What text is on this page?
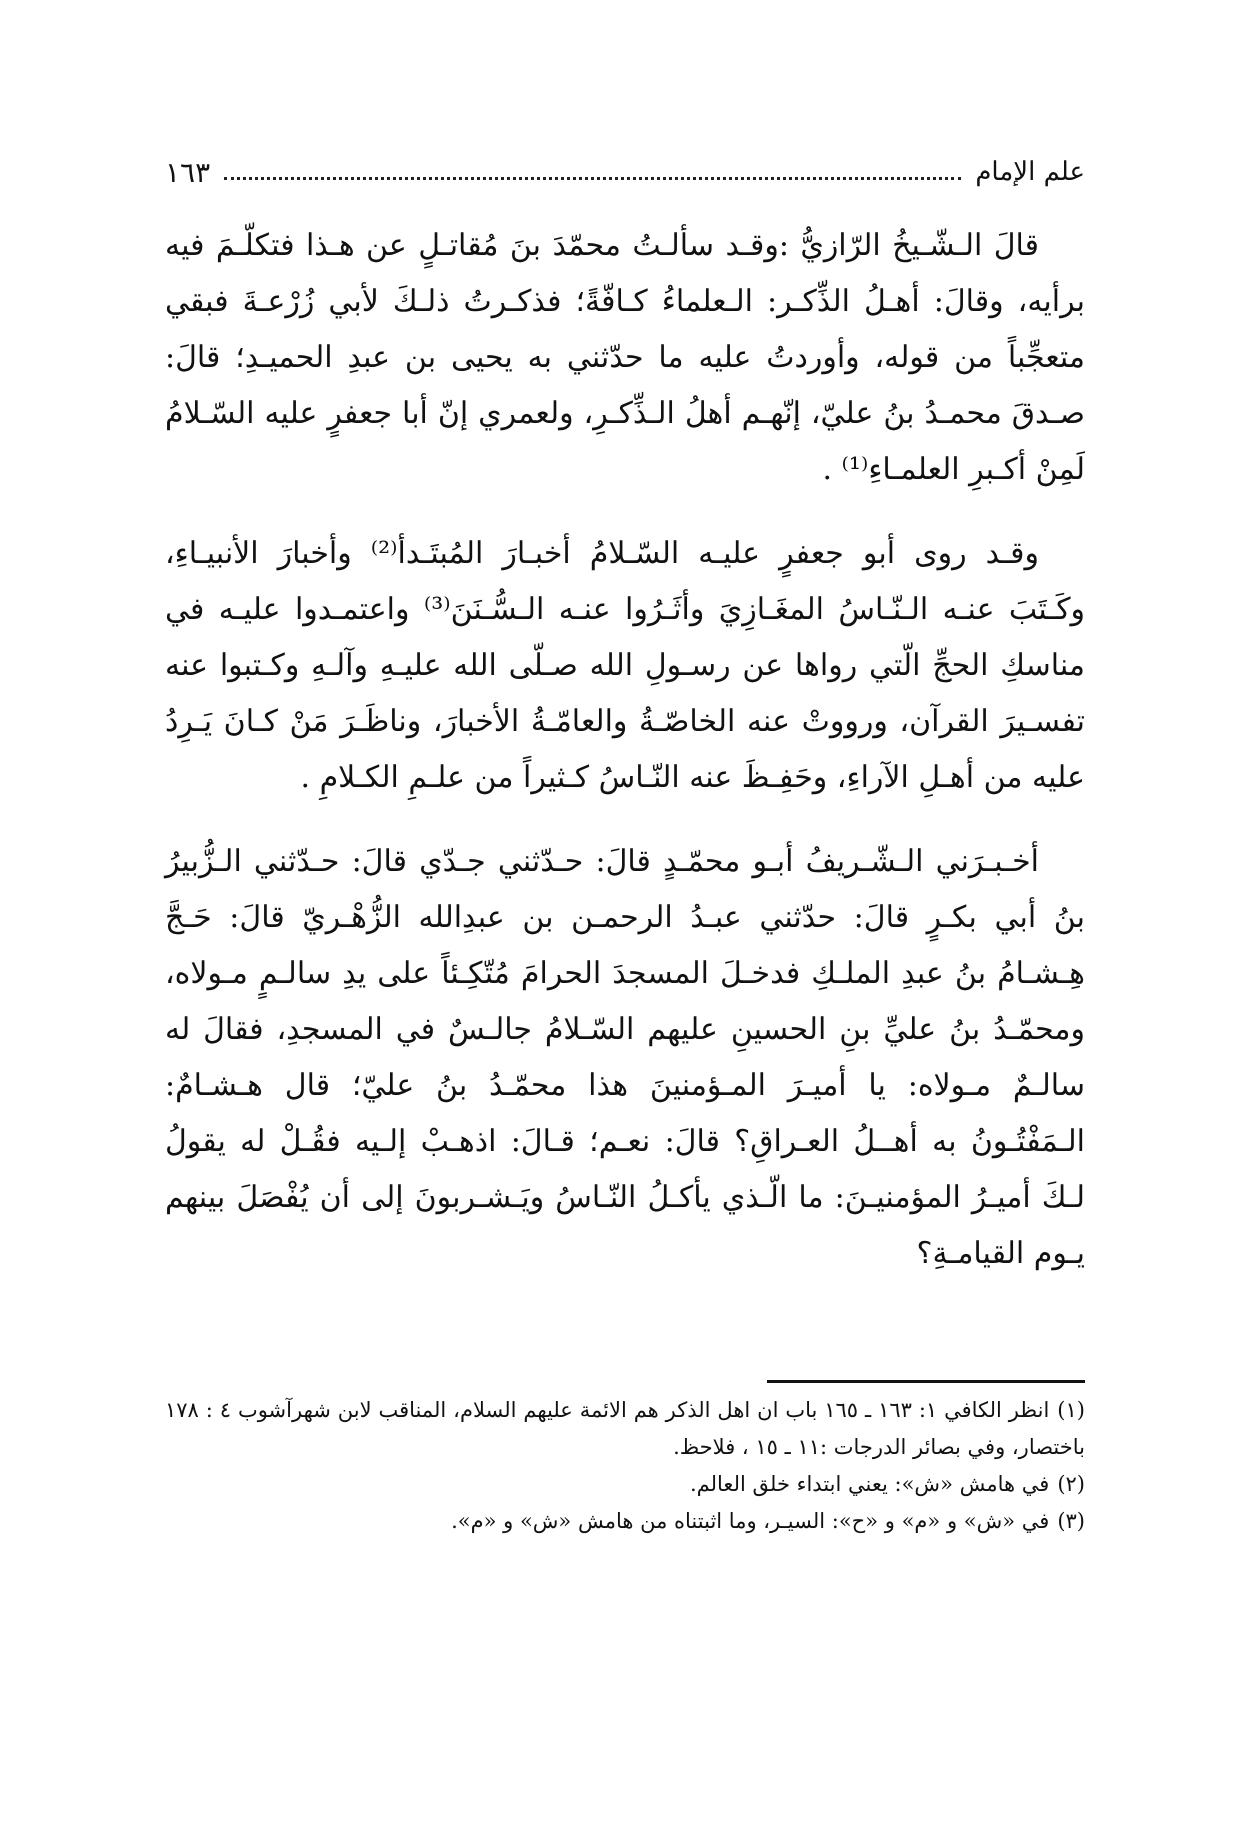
علم الإمام
١٦٣

قالَ الـشّـيخُ الرّازيُّ :وقـد سألـتُ محمّدَ بنَ مُقاتـلٍ عن هـذا فتكلّـمَ فيه برأيه، وقالَ: أهـلُ الذِّكـر: الـعلماءُ كـافّةً؛ فذكـرتُ ذلـكَ لأبي زُرْعـةَ فبقي متعجِّباً من قوله، وأوردتُ عليه ما حدّثني به يحيى بن عبدِ الحميـدِ؛ قالَ: صـدقَ محمـدُ بنُ عليّ، إنّهـم أهلُ الـذِّكـرِ، ولعمري إنّ أبا جعفرٍ عليه السّـلامُ لَمِنْ أكـبرِ العلمـاءِ⁽¹⁾ .

وقـد روى أبو جعفرٍ عليـه السّـلامُ أخبـارَ المُبتَـدأ⁽²⁾ وأخبارَ الأنبيـاءِ، وكَـتَبَ عنـه الـنّـاسُ المغَـازِيَ وأثَـرُوا عنـه الـسُّـنَنَ⁽³⁾ واعتمـدوا عليـه في مناسكِ الحجِّ الّتي رواها عن رسـولِ الله صـلّى الله عليـهِ وآلـهِ وكـتبوا عنه تفسـيرَ القرآن، ورووتْ عنه الخاصّـةُ والعامّـةُ الأخبارَ، وناظَـرَ مَنْ كـانَ يَـرِدُ عليه من أهـلِ الآراءِ، وحَفِـظَ عنه النّـاسُ كـثيراً من علـمِ الكـلامِ .

أخـبـرَني الـشّـريفُ أبـو محمّـدٍ قالَ: حـدّثني جـدّي قالَ: حـدّثني الـزُّبيرُ بنُ أبي بكـرٍ قالَ: حدّثني عبـدُ الرحمـن بن عبدِالله الزُّهْـريّ قالَ: حَـجَّ هِـشـامُ بنُ عبدِ الملـكِ فدخـلَ المسجدَ الحرامَ مُتّكِـئاً على يدِ سالـمٍ مـولاه، ومحمّـدُ بنُ عليِّ بنِ الحسينِ عليهم السّـلامُ جالـسٌ في المسجدِ، فقالَ له سالـمٌ مـولاه: يا أميـرَ المـؤمنينَ هذا محمّـدُ بنُ عليّ؛ قال هـشـامٌ: الـمَفْتُـونُ به أهــلُ العـراقِ؟ قالَ: نعـم؛ قـالَ: اذهـبْ إلـيه فقُـلْ له يقولُ لـكَ أميـرُ المؤمنيـنَ: ما الّـذي يأكـلُ النّـاسُ ويَـشـربونَ إلى أن يُفْصَلَ بينهم يـوم القيامـةِ؟

(١)انظر الكافي ١: ١٦٣ ـ ١٦٥ باب ان اهل الذكر هم الائمة عليهم السلام، المناقب لابن شهرآشوب ٤ : ١٧٨ باختصار، وفي بصائر الدرجات :١١ ـ ١٥ ، فلاحظ.

(٢)في هامش «ش»: يعني ابتداء خلق العالم.

(٣)في «ش» و «م» و «ح»: السيـر، وما اثبتناه من هامش «ش» و «م».
